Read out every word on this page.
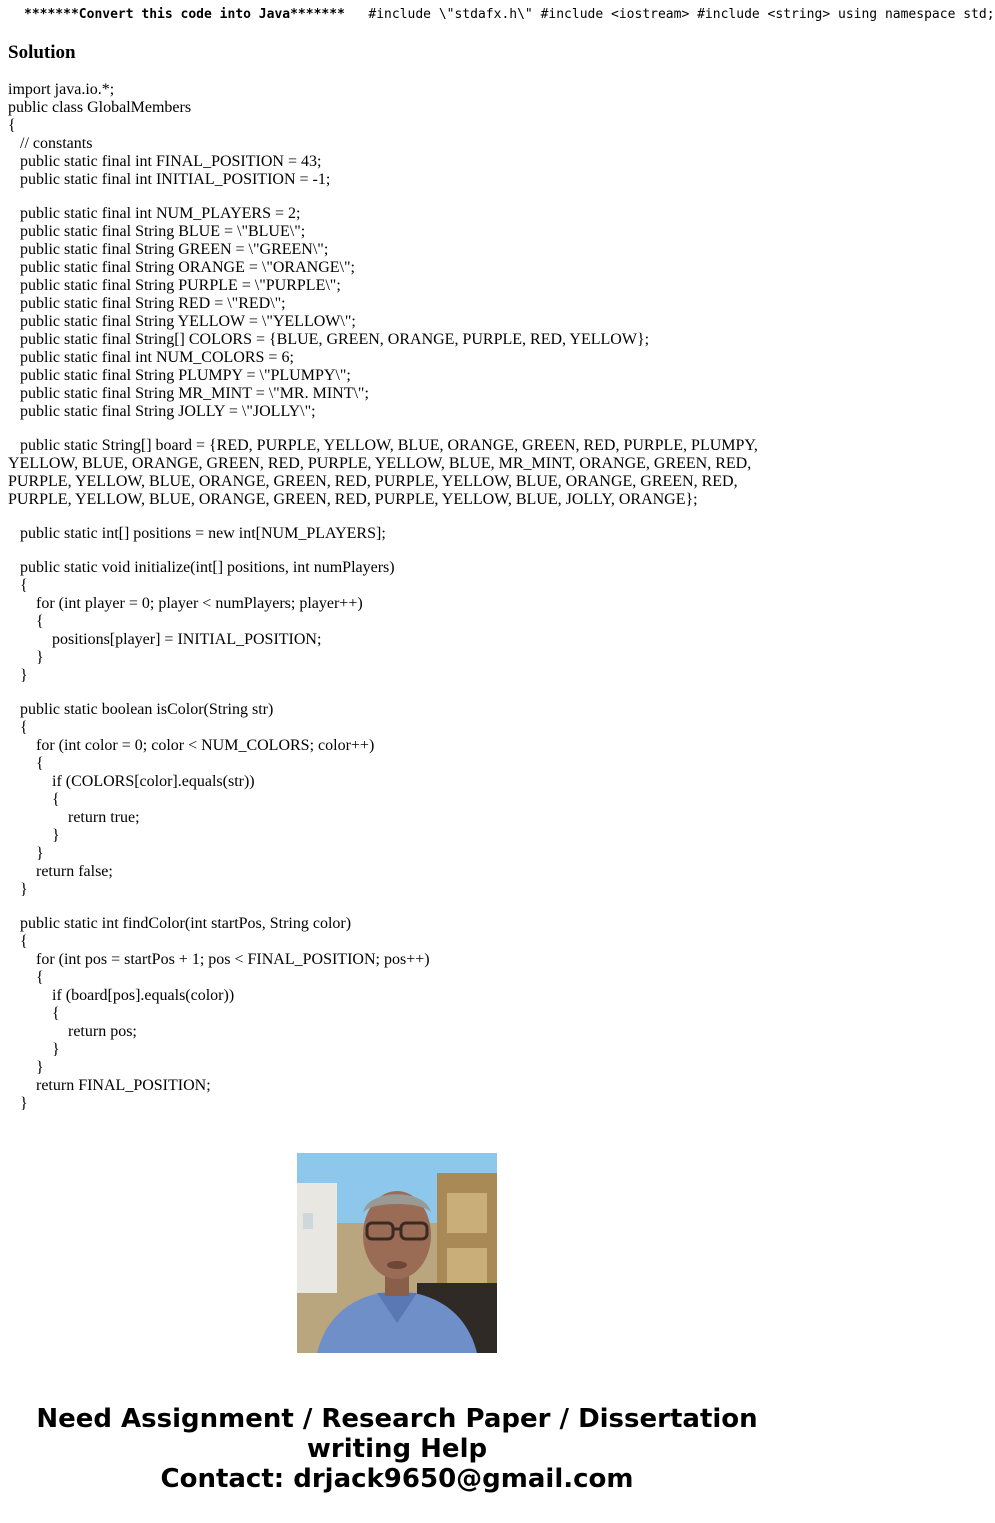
*******Convert this code into Java******* #include \"stdafx.h\" #include <iostream> #include <string> using namespace std;
Solution
import java.io.*;
public class GlobalMembers
{
// constants
public static final int FINAL_POSITION = 43;
public static final int INITIAL_POSITION = -1;
public static final int NUM_PLAYERS = 2;
public static final String BLUE = \"BLUE\";
public static final String GREEN = \"GREEN\";
public static final String ORANGE = \"ORANGE\";
public static final String PURPLE = \"PURPLE\";
public static final String RED = \"RED\";
public static final String YELLOW = \"YELLOW\";
public static final String[] COLORS = {BLUE, GREEN, ORANGE, PURPLE, RED, YELLOW};
public static final int NUM_COLORS = 6;
public static final String PLUMPY = \"PLUMPY\";
public static final String MR_MINT = \"MR. MINT\";
public static final String JOLLY = \"JOLLY\";
public static String[] board = {RED, PURPLE, YELLOW, BLUE, ORANGE, GREEN, RED, PURPLE, PLUMPY, YELLOW, BLUE, ORANGE, GREEN, RED, PURPLE, YELLOW, BLUE, MR_MINT, ORANGE, GREEN, RED, PURPLE, YELLOW, BLUE, ORANGE, GREEN, RED, PURPLE, YELLOW, BLUE, ORANGE, GREEN, RED, PURPLE, YELLOW, BLUE, ORANGE, GREEN, RED, PURPLE, YELLOW, BLUE, JOLLY, ORANGE};
public static int[] positions = new int[NUM_PLAYERS];
public static void initialize(int[] positions, int numPlayers)
{
for (int player = 0; player < numPlayers; player++)
{
positions[player] = INITIAL_POSITION;
}
}
public static boolean isColor(String str)
{
for (int color = 0; color < NUM_COLORS; color++)
{
if (COLORS[color].equals(str))
{
return true;
}
}
return false;
}
public static int findColor(int startPos, String color)
{
for (int pos = startPos + 1; pos < FINAL_POSITION; pos++)
{
if (board[pos].equals(color))
{
return pos;
}
}
return FINAL_POSITION;
}
Need Assignment / Research Paper / Dissertation
writing Help
Contact: drjack9650@gmail.com
